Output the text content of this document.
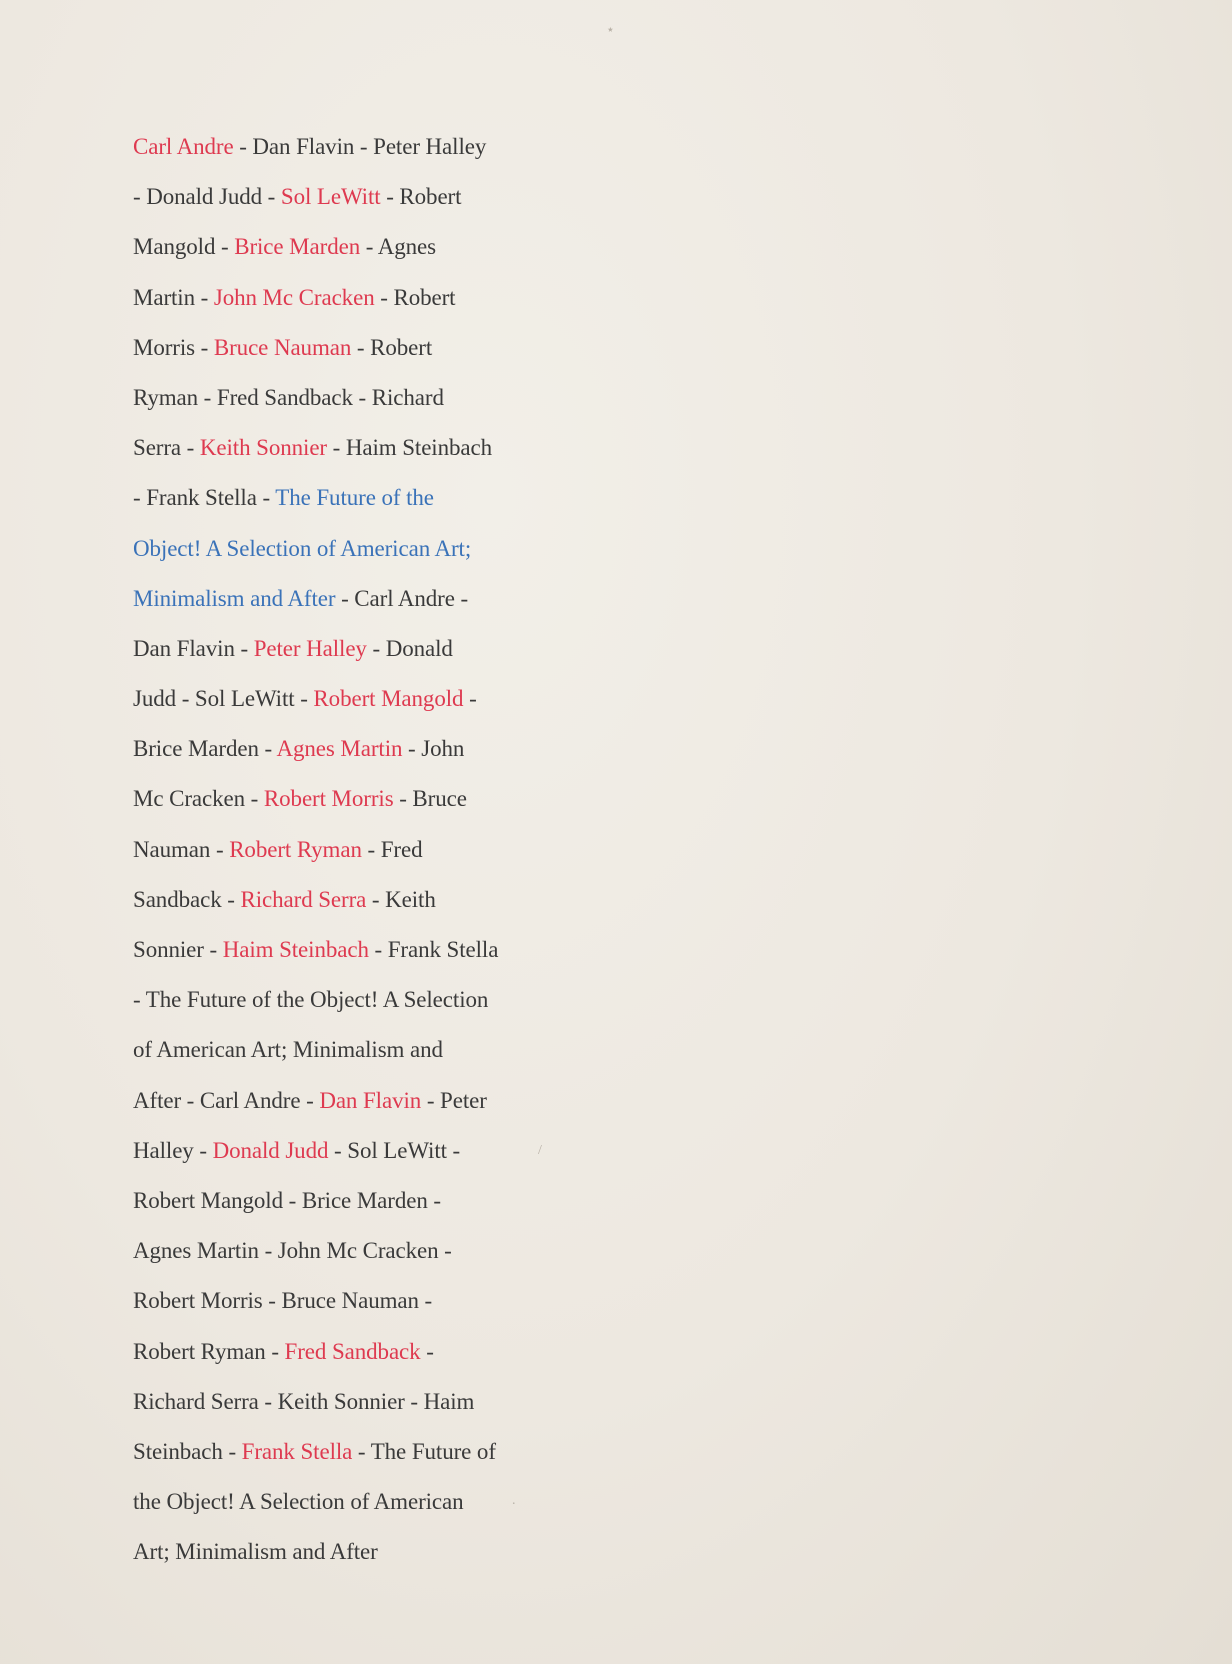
⋆
/
.
Carl Andre - Dan Flavin - Peter Halley
- Donald Judd - Sol LeWitt - Robert
Mangold - Brice Marden - Agnes
Martin - John Mc Cracken - Robert
Morris - Bruce Nauman - Robert
Ryman - Fred Sandback - Richard
Serra - Keith Sonnier - Haim Steinbach
- Frank Stella - The Future of the
Object! A Selection of American Art;
Minimalism and After - Carl Andre -
Dan Flavin - Peter Halley - Donald
Judd - Sol LeWitt - Robert Mangold -
Brice Marden - Agnes Martin - John
Mc Cracken - Robert Morris - Bruce
Nauman - Robert Ryman - Fred
Sandback - Richard Serra - Keith
Sonnier - Haim Steinbach - Frank Stella
- The Future of the Object! A Selection
of American Art; Minimalism and
After - Carl Andre - Dan Flavin - Peter
Halley - Donald Judd - Sol LeWitt -
Robert Mangold - Brice Marden -
Agnes Martin - John Mc Cracken -
Robert Morris - Bruce Nauman -
Robert Ryman - Fred Sandback -
Richard Serra - Keith Sonnier - Haim
Steinbach - Frank Stella - The Future of
the Object! A Selection of American
Art; Minimalism and After
